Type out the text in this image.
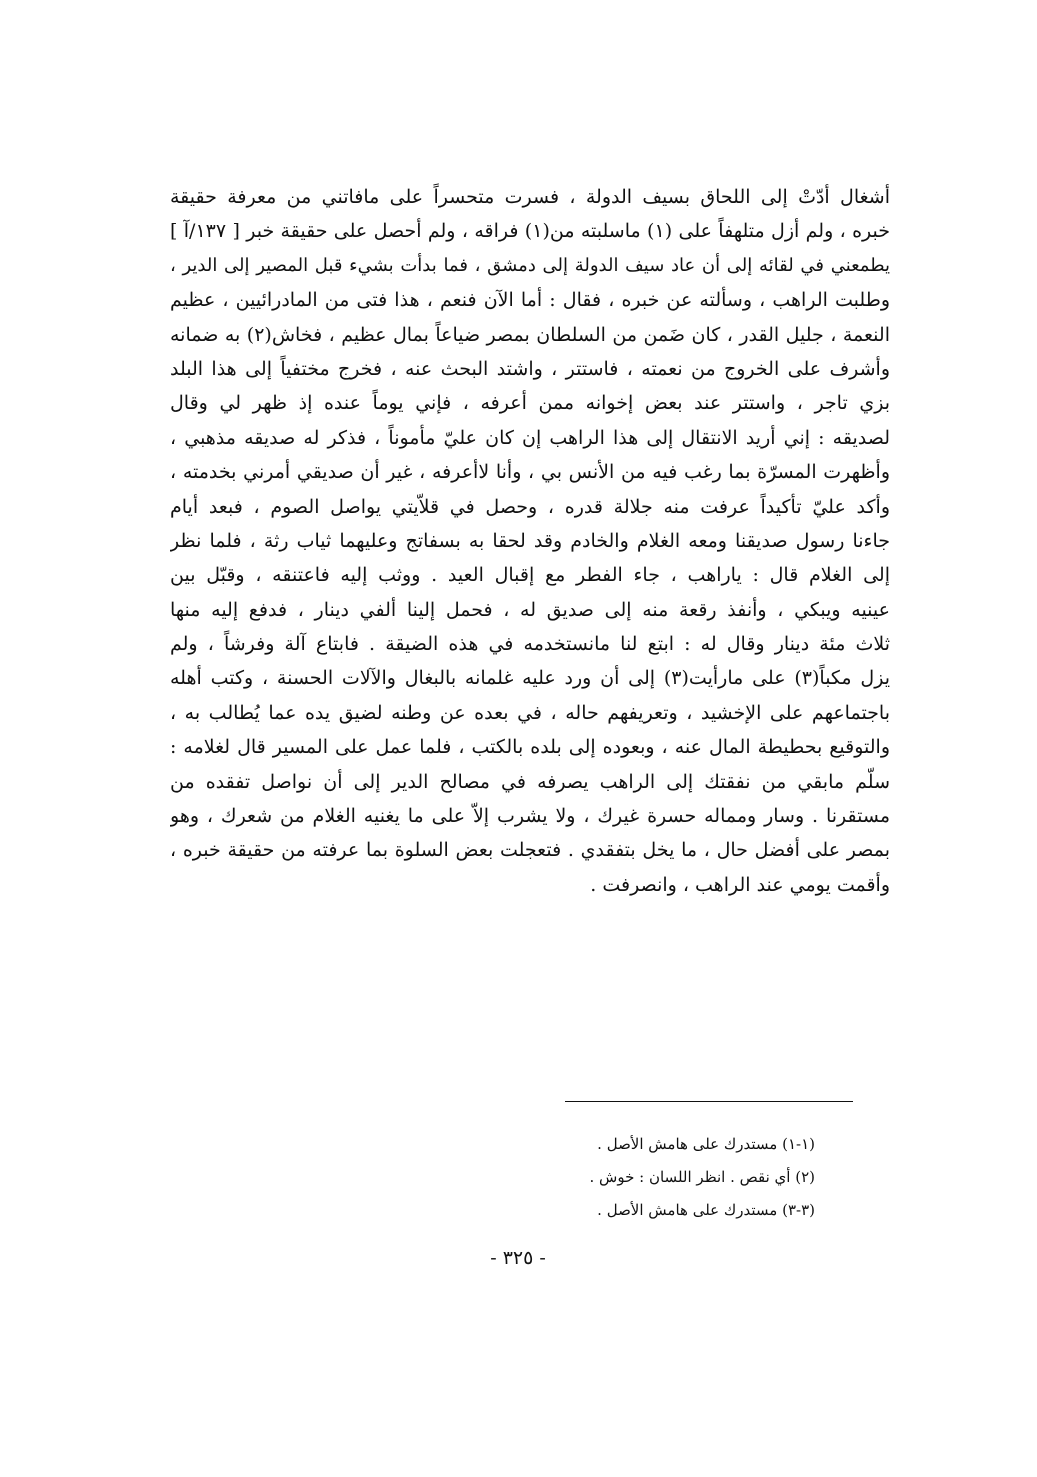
أشغال أدّتْ إلى اللحاق بسيف الدولة ، فسرت متحسراً على مافاتني من معرفة حقيقة
خبره ، ولم أزل متلهفاً على (١) ماسلبته من(١) فراقه ، ولم أحصل على حقيقة خبر [ ١٣٧/آ ]
يطمعني في لقائه إلى أن عاد سيف الدولة إلى دمشق ، فما بدأت بشيء قبل المصير إلى الدير ،
وطلبت الراهب ، وسألته عن خبره ، فقال : أما الآن فنعم ، هذا فتى من المادرائيين ، عظيم
النعمة ، جليل القدر ، كان ضَمن من السلطان بمصر ضياعاً بمال عظيم ، فخاش(٢) به ضمانه
وأشرف على الخروج من نعمته ، فاستتر ، واشتد البحث عنه ، فخرج مختفياً إلى هذا البلد
بزي تاجر ، واستتر عند بعض إخوانه ممن أعرفه ، فإني يوماً عنده إذ ظهر لي وقال
لصديقه : إني أريد الانتقال إلى هذا الراهب إن كان عليّ مأموناً ، فذكر له صديقه مذهبي ،
وأظهرت المسرّة بما رغب فيه من الأنس بي ، وأنا لاأعرفه ، غير أن صديقي أمرني بخدمته ،
وأكد عليّ تأكيداً عرفت منه جلالة قدره ، وحصل في قلاّيتي يواصل الصوم ، فبعد أيام
جاءنا رسول صديقنا ومعه الغلام والخادم وقد لحقا به بسفاتج وعليهما ثياب رثة ، فلما نظر
إلى الغلام قال : ياراهب ، جاء الفطر مع إقبال العيد . ووثب إليه فاعتنقه ، وقبّل بين
عينيه ويبكي ، وأنفذ رقعة منه إلى صديق له ، فحمل إلينا ألفي دينار ، فدفع إليه منها
ثلاث مئة دينار وقال له : ابتع لنا مانستخدمه في هذه الضيقة . فابتاع آلة وفرشاً ، ولم
يزل مكباً(٣) على مارأيت(٣) إلى أن ورد عليه غلمانه بالبغال والآلات الحسنة ، وكتب أهله
باجتماعهم على الإخشيد ، وتعريفهم حاله ، في بعده عن وطنه لضيق يده عما يُطالب به ،
والتوقيع بحطيطة المال عنه ، وبعوده إلى بلده بالكتب ، فلما عمل على المسير قال لغلامه :
سلّم مابقي من نفقتك إلى الراهب يصرفه في مصالح الدير إلى أن نواصل تفقده من
مستقرنا . وسار ومماله حسرة غيرك ، ولا يشرب إلاّ على ما يغنيه الغلام من شعرك ، وهو
بمصر على أفضل حال ، ما يخل بتفقدي . فتعجلت بعض السلوة بما عرفته من حقيقة خبره ،
وأقمت يومي عند الراهب ، وانصرفت .
(١-١) مستدرك على هامش الأصل .
(٢) أي نقص . انظر اللسان : خوش .
(٣-٣) مستدرك على هامش الأصل .
- ٣٢٥ -
